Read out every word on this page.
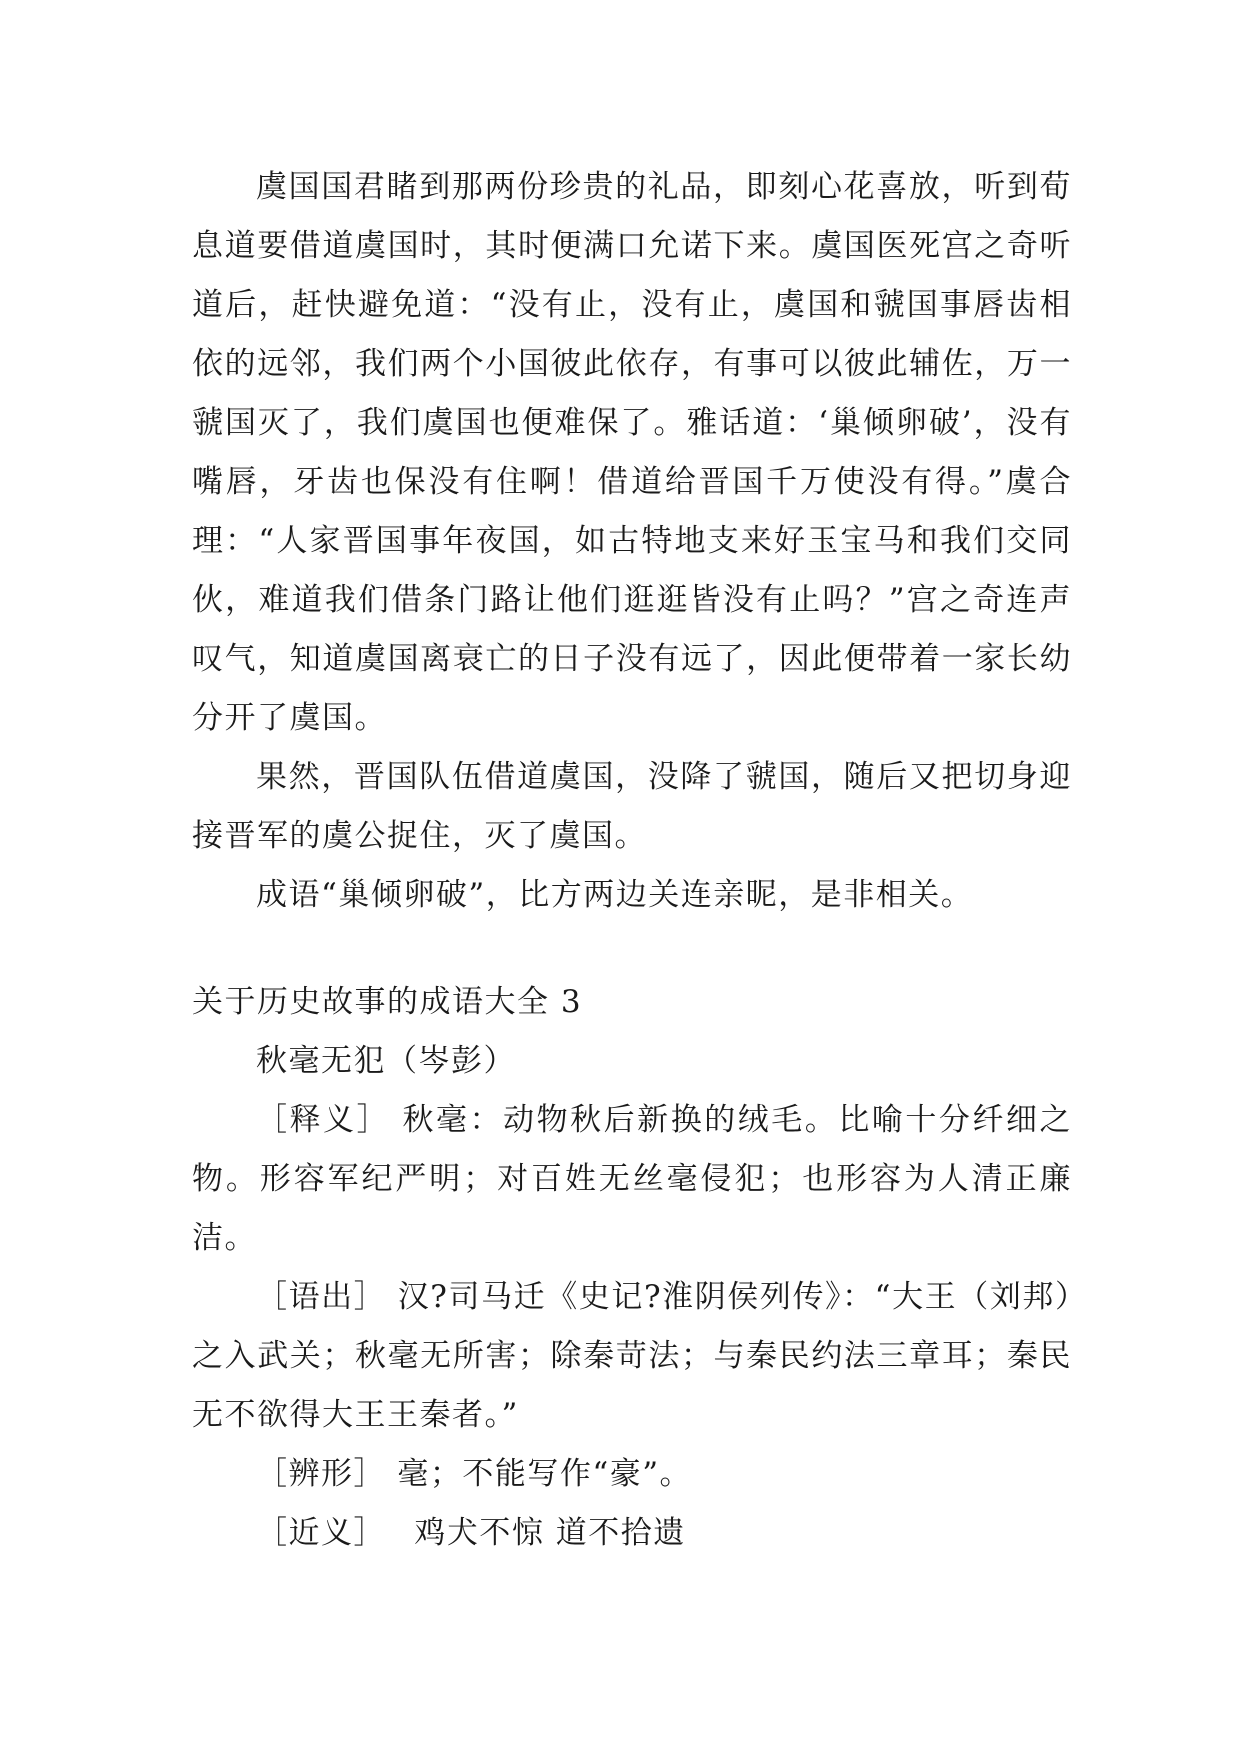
虞国国君睹到那两份珍贵的礼品，即刻心花喜放，听到荀息道要借道虞国时，其时便满口允诺下来。虞国医死宫之奇听道后，赶快避免道：“没有止，没有止，虞国和虢国事唇齿相依的远邻，我们两个小国彼此依存，有事可以彼此辅佐，万一虢国灭了，我们虞国也便难保了。雅话道：‘巢倾卵破’，没有嘴唇，牙齿也保没有住啊！借道给晋国千万使没有得。”虞合理：“人家晋国事年夜国，如古特地支来好玉宝马和我们交同伙，难道我们借条门路让他们逛逛皆没有止吗？”宫之奇连声叹气，知道虞国离衰亡的日子没有远了，因此便带着一家长幼分开了虞国。

果然，晋国队伍借道虞国，没降了虢国，随后又把切身迎接晋军的虞公捉住，灭了虞国。

成语“巢倾卵破”，比方两边关连亲昵，是非相关。

关于历史故事的成语大全 3

秋毫无犯（岑彭）

［释义］ 秋毫：动物秋后新换的绒毛。比喻十分纤细之物。形容军纪严明；对百姓无丝毫侵犯；也形容为人清正廉洁。

［语出］ 汉?司马迁《史记?淮阴侯列传》：“大王（刘邦）之入武关；秋毫无所害；除秦苛法；与秦民约法三章耳；秦民无不欲得大王王秦者。”

［辨形］ 毫；不能写作“豪”。

［近义］　 鸡犬不惊 道不拾遗
